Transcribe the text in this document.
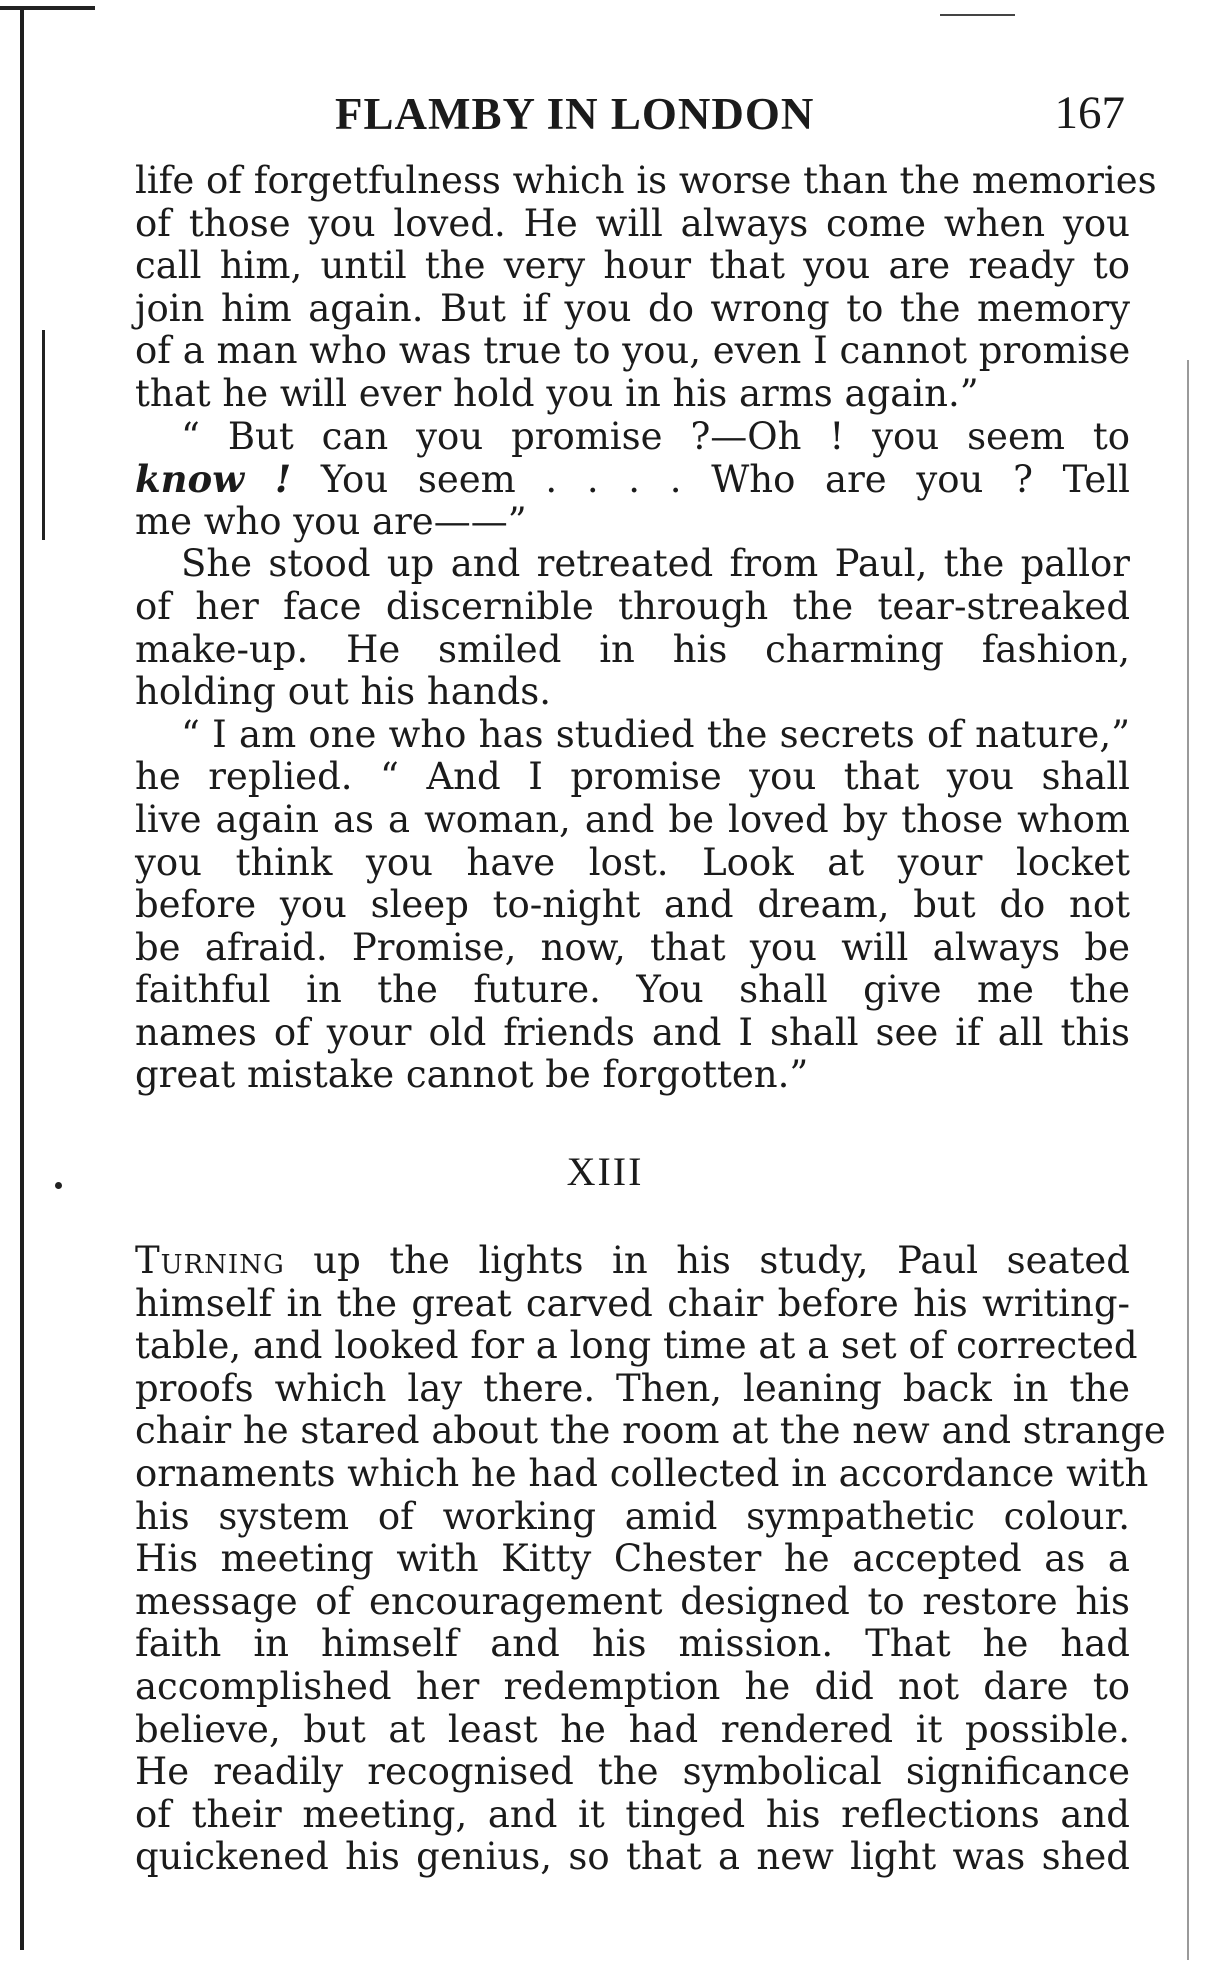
FLAMBY IN LONDON	167
life of forgetfulness which is worse than the memories
of those you loved. He will always come when you
call him, until the very hour that you are ready to
join him again. But if you do wrong to the memory
of a man who was true to you, even I cannot promise
that he will ever hold you in his arms again.”
“ But can you promise ?—Oh ! you seem to
know ! You seem . . . . Who are you ? Tell
me who you are——”
She stood up and retreated from Paul, the pallor
of her face discernible through the tear-streaked
make-up. He smiled in his charming fashion,
holding out his hands.
“ I am one who has studied the secrets of nature,”
he replied. “ And I promise you that you shall
live again as a woman, and be loved by those whom
you think you have lost. Look at your locket
before you sleep to-night and dream, but do not
be afraid. Promise, now, that you will always be
faithful in the future. You shall give me the
names of your old friends and I shall see if all this
great mistake cannot be forgotten.”
XIII
Turning up the lights in his study, Paul seated
himself in the great carved chair before his writing-
table, and looked for a long time at a set of corrected
proofs which lay there. Then, leaning back in the
chair he stared about the room at the new and strange
ornaments which he had collected in accordance with
his system of working amid sympathetic colour.
His meeting with Kitty Chester he accepted as a
message of encouragement designed to restore his
faith in himself and his mission. That he had
accomplished her redemption he did not dare to
believe, but at least he had rendered it possible.
He readily recognised the symbolical significance
of their meeting, and it tinged his reflections and
quickened his genius, so that a new light was shed
